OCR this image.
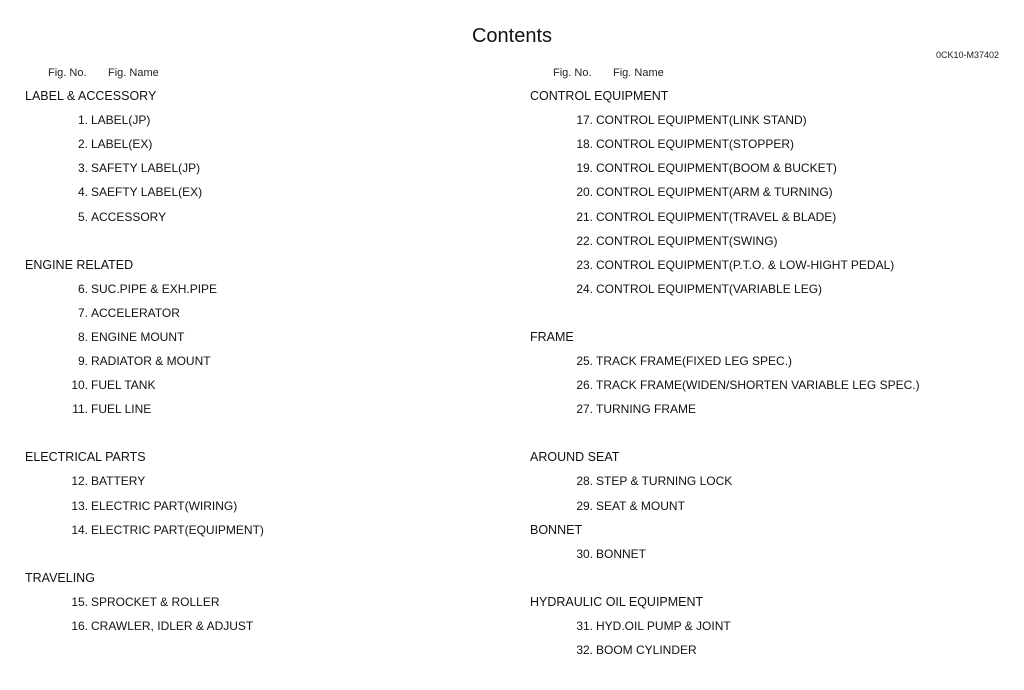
Contents
0CK10-M37402
Fig. No. Fig. Name
LABEL & ACCESSORY
1. LABEL(JP)
2. LABEL(EX)
3. SAFETY LABEL(JP)
4. SAEFTY LABEL(EX)
5. ACCESSORY
ENGINE RELATED
6. SUC.PIPE & EXH.PIPE
7. ACCELERATOR
8. ENGINE MOUNT
9. RADIATOR & MOUNT
10. FUEL TANK
11. FUEL LINE
ELECTRICAL PARTS
12. BATTERY
13. ELECTRIC PART(WIRING)
14. ELECTRIC PART(EQUIPMENT)
TRAVELING
15. SPROCKET & ROLLER
16. CRAWLER, IDLER & ADJUST
Fig. No. Fig. Name
CONTROL EQUIPMENT
17. CONTROL EQUIPMENT(LINK STAND)
18. CONTROL EQUIPMENT(STOPPER)
19. CONTROL EQUIPMENT(BOOM & BUCKET)
20. CONTROL EQUIPMENT(ARM & TURNING)
21. CONTROL EQUIPMENT(TRAVEL & BLADE)
22. CONTROL EQUIPMENT(SWING)
23. CONTROL EQUIPMENT(P.T.O. & LOW-HIGHT PEDAL)
24. CONTROL EQUIPMENT(VARIABLE LEG)
FRAME
25. TRACK FRAME(FIXED LEG SPEC.)
26. TRACK FRAME(WIDEN/SHORTEN VARIABLE LEG SPEC.)
27. TURNING FRAME
AROUND SEAT
28. STEP & TURNING LOCK
29. SEAT & MOUNT
BONNET
30. BONNET
HYDRAULIC OIL EQUIPMENT
31. HYD.OIL PUMP & JOINT
32. BOOM CYLINDER
